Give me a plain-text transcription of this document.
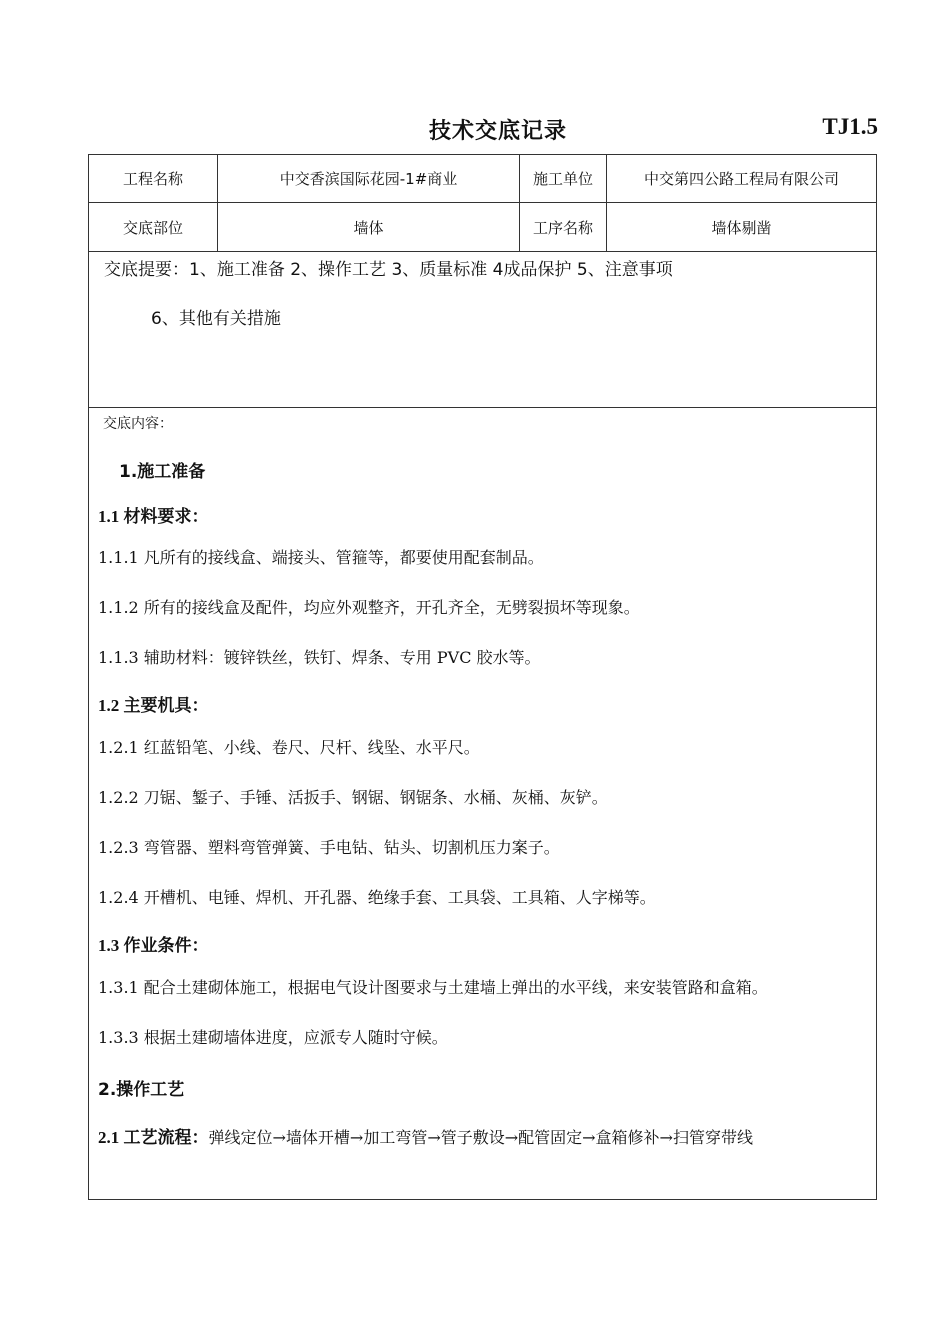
技术交底记录	TJ1.5
工程名称	中交香滨国际花园-1#商业	施工单位	中交第四公路工程局有限公司
交底部位	墙体	工序名称	墙体剔凿
交底提要：1、施工准备 2、操作工艺 3、质量标准 4成品保护 5、注意事项
6、其他有关措施
交底内容：
1.施工准备
1.1 材料要求：
1.1.1 凡所有的接线盒、端接头、管箍等，都要使用配套制品。
1.1.2 所有的接线盒及配件，均应外观整齐，开孔齐全，无劈裂损坏等现象。
1.1.3 辅助材料：镀锌铁丝，铁钉、焊条、专用 PVC 胶水等。
1.2 主要机具：
1.2.1 红蓝铅笔、小线、卷尺、尺杆、线坠、水平尺。
1.2.2 刀锯、錾子、手锤、活扳手、钢锯、钢锯条、水桶、灰桶、灰铲。
1.2.3 弯管器、塑料弯管弹簧、手电钻、钻头、切割机压力案子。
1.2.4 开槽机、电锤、焊机、开孔器、绝缘手套、工具袋、工具箱、人字梯等。
1.3 作业条件：
1.3.1 配合土建砌体施工，根据电气设计图要求与土建墙上弹出的水平线，来安装管路和盒箱。
1.3.3 根据土建砌墙体进度，应派专人随时守候。
2.操作工艺
2.1 工艺流程：弹线定位→墙体开槽→加工弯管→管子敷设→配管固定→盒箱修补→扫管穿带线
